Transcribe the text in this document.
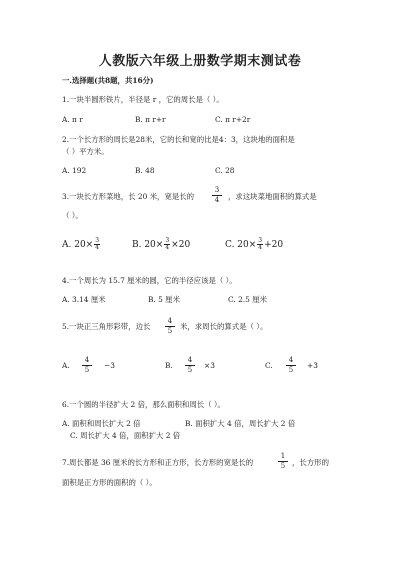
人教版六年级上册数学期末测试卷
一.选择题(共8题，共16分)
1.一块半圆形铁片，半径是 r ，它的周长是（ ）。
A. π r	B. π r+r	C. π r+2r
2.一个长方形的周长是28米，它的长和宽的比是4：3，这块地的面积是
（ ）平方米。
A. 192	B. 48	C. 28
3.一块长方形菜地，长 20 米，宽是长的	$\frac{3}{4}$ ，求这块菜地面积的算式是
（ ）。
A. $20\times \frac{3}{4}$	B. $20\times \frac{3}{4} \times 20$	C. $20\times \frac{3}{4} +20$
4.一个周长为 15.7 厘米的圆，它的半径应该是（ ）。
A. 3.14 厘米	B. 5 厘米	C. 2.5 厘米
5.一块正三角形彩带，边长 $\frac{4}{5}$ 米，求周长的算式是（ ）。
A. $\frac{4}{5} -3$	B. $\frac{4}{5} \times 3$	C. $\frac{4}{5} +3$
6.一个圆的半径扩大 2 倍，那么面积和周长（ ）。
A. 面积和周长扩大 2 倍	B. 面积扩大 4 倍，周长扩大 2 倍
C. 周长扩大 4 倍，面积扩大 2 倍
7.周长都是 36 厘米的长方形和正方形，长方形的宽是长的	$\frac{1}{5}$ ，长方形的
面积是正方形的面积的（ ）。
